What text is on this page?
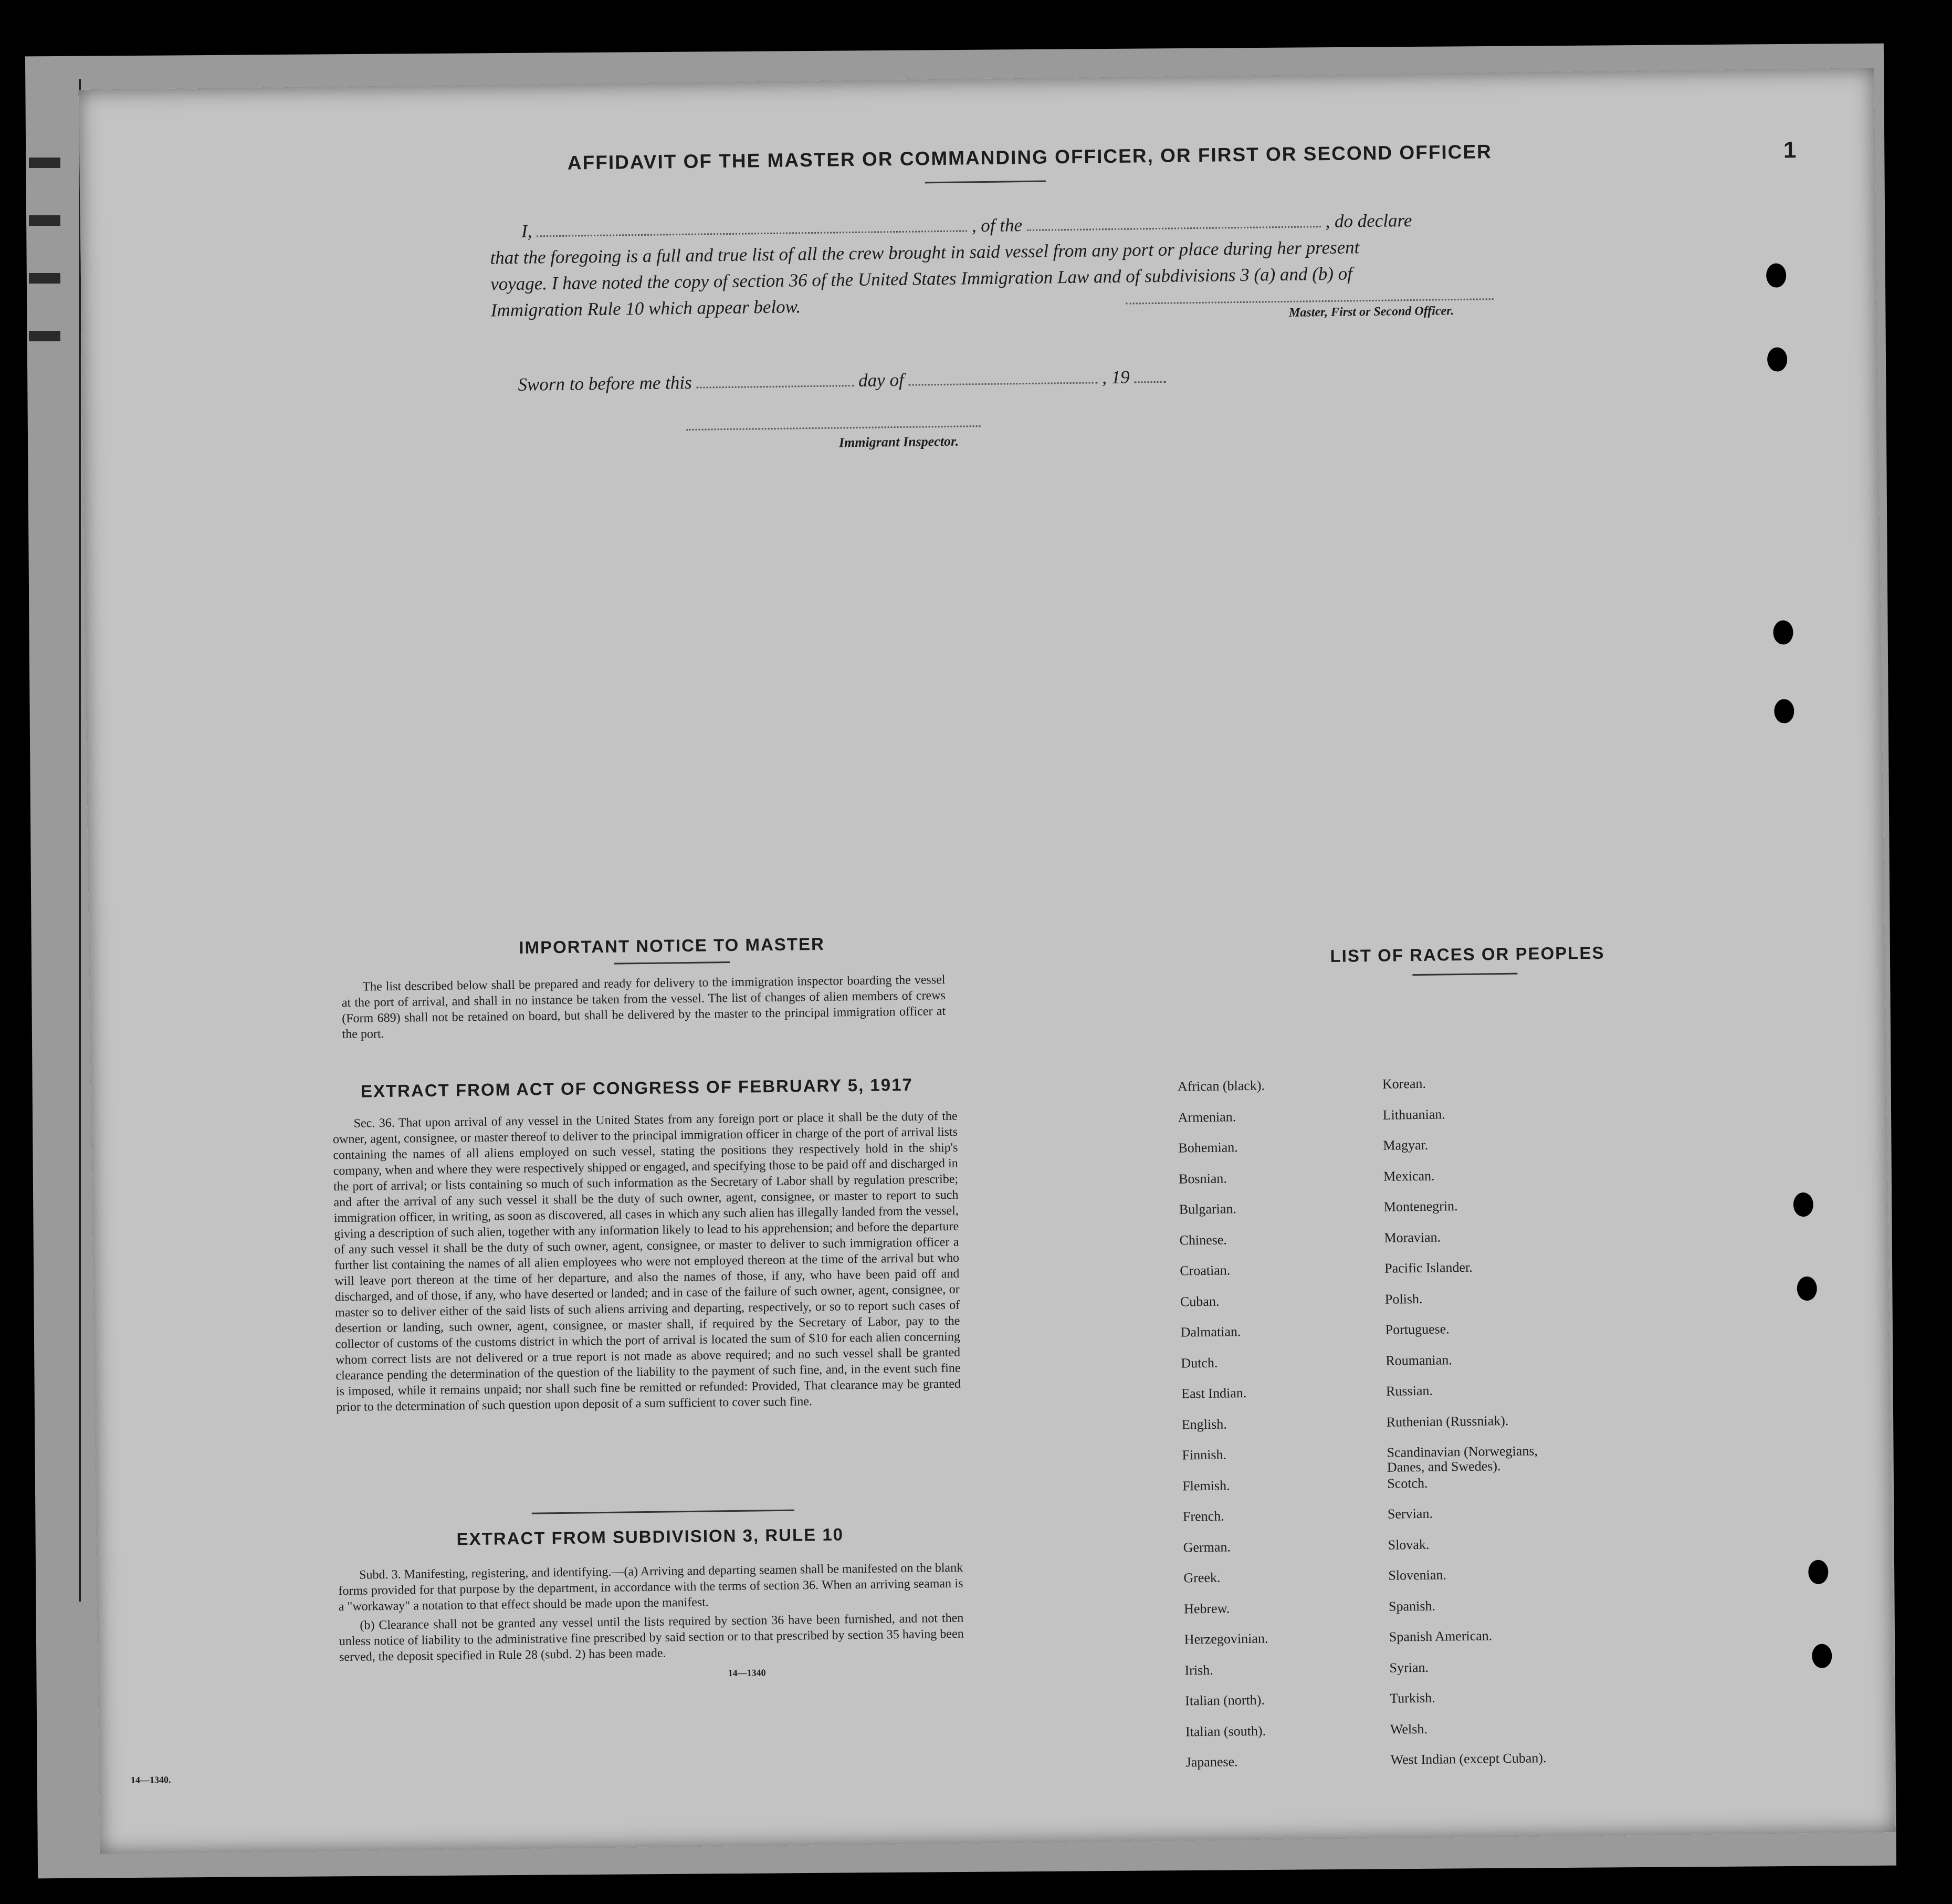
1
AFFIDAVIT OF THE MASTER OR COMMANDING OFFICER, OR FIRST OR SECOND OFFICER
I,	, of the	, do declare
that the foregoing is a full and true list of all the crew brought in said vessel from any port or place during her present
voyage. I have noted the copy of section 36 of the United States Immigration Law and of subdivisions 3 (a) and (b) of
Immigration Rule 10 which appear below.	Master, First or Second Officer.
Sworn to before me this	day of	, 19
Immigrant Inspector.
IMPORTANT NOTICE TO MASTER

The list described below shall be prepared and ready for delivery to the immigration inspector boarding the vessel at the port of arrival, and shall in no instance be taken from the vessel. The list of changes of alien members of crews (Form 689) shall not be retained on board, but shall be delivered by the master to the principal immigration officer at the port.

EXTRACT FROM ACT OF CONGRESS OF FEBRUARY 5, 1917

Sec. 36. That upon arrival of any vessel in the United States from any foreign port or place it shall be the duty of the owner, agent, consignee, or master thereof to deliver to the principal immigration officer in charge of the port of arrival lists containing the names of all aliens employed on such vessel, stating the positions they respectively hold in the ship's company, when and where they were respectively shipped or engaged, and specifying those to be paid off and discharged in the port of arrival; or lists containing so much of such information as the Secretary of Labor shall by regulation prescribe; and after the arrival of any such vessel it shall be the duty of such owner, agent, consignee, or master to report to such immigration officer, in writing, as soon as discovered, all cases in which any such alien has illegally landed from the vessel, giving a description of such alien, together with any information likely to lead to his apprehension; and before the departure of any such vessel it shall be the duty of such owner, agent, consignee, or master to deliver to such immigration officer a further list containing the names of all alien employees who were not employed thereon at the time of the arrival but who will leave port thereon at the time of her departure, and also the names of those, if any, who have been paid off and discharged, and of those, if any, who have deserted or landed; and in case of the failure of such owner, agent, consignee, or master so to deliver either of the said lists of such aliens arriving and departing, respectively, or so to report such cases of desertion or landing, such owner, agent, consignee, or master shall, if required by the Secretary of Labor, pay to the collector of customs of the customs district in which the port of arrival is located the sum of $10 for each alien concerning whom correct lists are not delivered or a true report is not made as above required; and no such vessel shall be granted clearance pending the determination of the question of the liability to the payment of such fine, and, in the event such fine is imposed, while it remains unpaid; nor shall such fine be remitted or refunded: Provided, That clearance may be granted prior to the determination of such question upon deposit of a sum sufficient to cover such fine.

EXTRACT FROM SUBDIVISION 3, RULE 10

Subd. 3. Manifesting, registering, and identifying.—(a) Arriving and departing seamen shall be manifested on the blank forms provided for that purpose by the department, in accordance with the terms of section 36. When an arriving seaman is a "workaway" a notation to that effect should be made upon the manifest.

(b) Clearance shall not be granted any vessel until the lists required by section 36 have been furnished, and not then unless notice of liability to the administrative fine prescribed by said section or to that prescribed by section 35 having been served, the deposit specified in Rule 28 (subd. 2) has been made.

14—1340
14—1340.
LIST OF RACES OR PEOPLES
African (black).	Korean.
Armenian.	Lithuanian.
Bohemian.	Magyar.
Bosnian.	Mexican.
Bulgarian.	Montenegrin.
Chinese.	Moravian.
Croatian.	Pacific Islander.
Cuban.	Polish.
Dalmatian.	Portuguese.
Dutch.	Roumanian.
East Indian.	Russian.
English.	Ruthenian (Russniak).
Finnish.	Scandinavian (Norwegians,
Danes, and Swedes).
Flemish.	Scotch.
French.	Servian.
German.	Slovak.
Greek.	Slovenian.
Hebrew.	Spanish.
Herzegovinian.	Spanish American.
Irish.	Syrian.
Italian (north).	Turkish.
Italian (south).	Welsh.
Japanese.	West Indian (except Cuban).
